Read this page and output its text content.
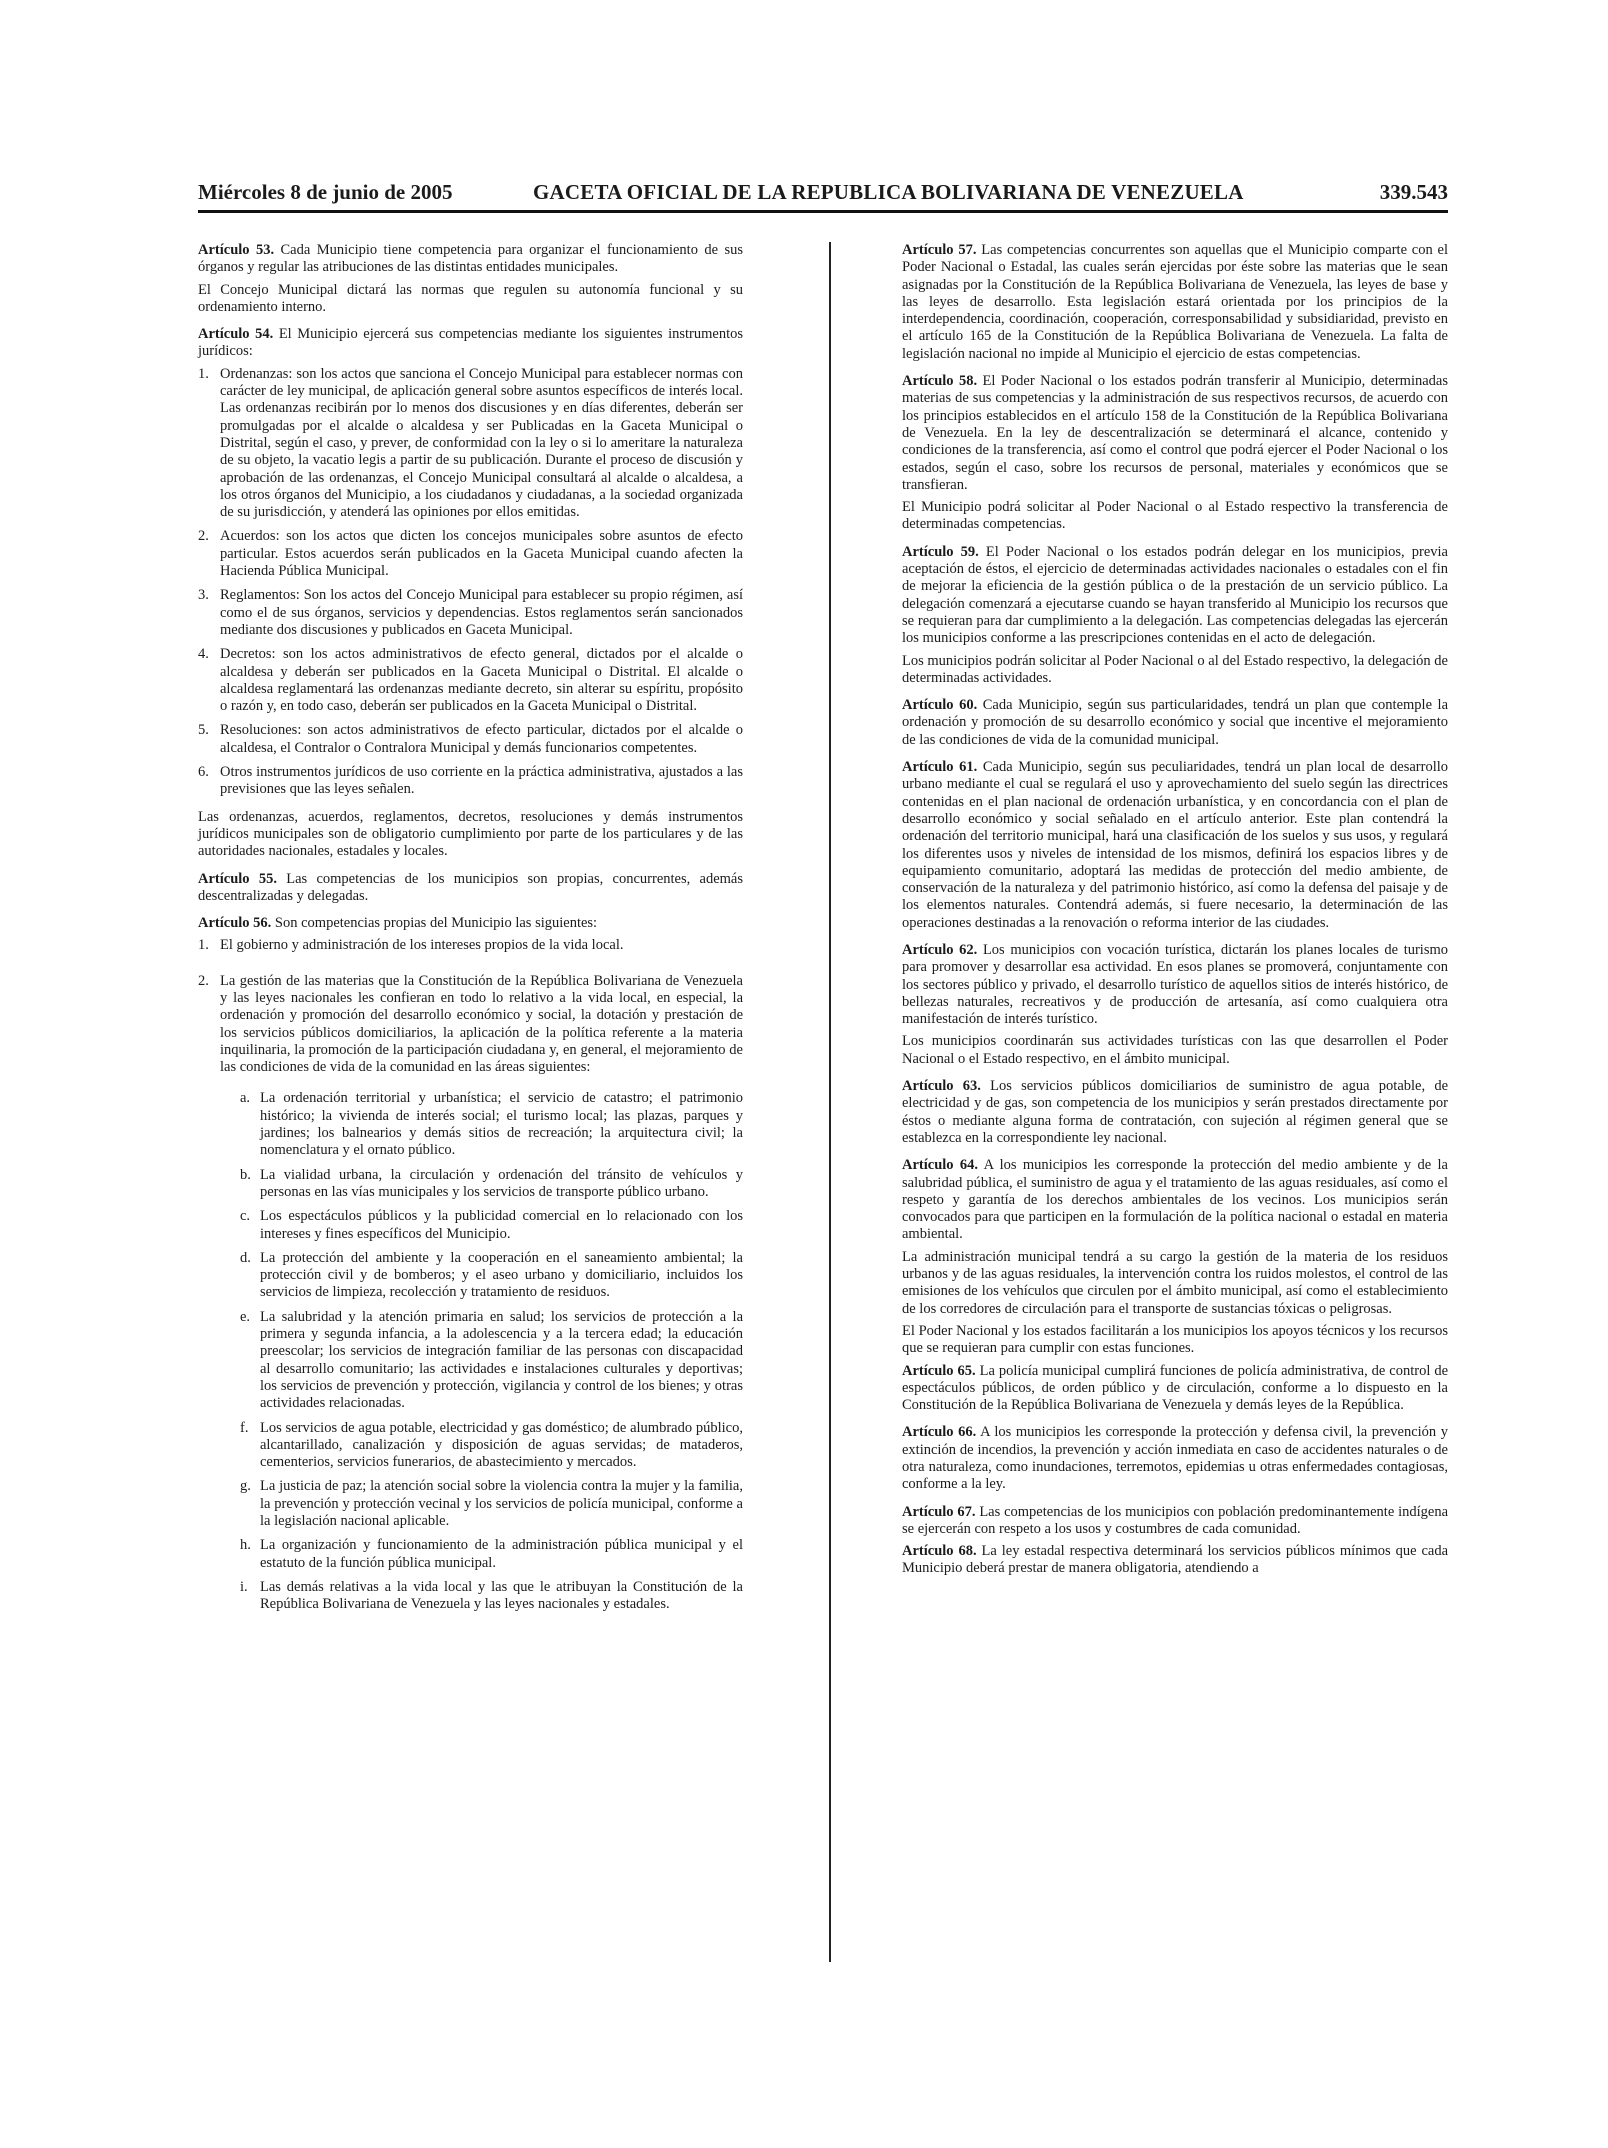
Miércoles 8 de junio de 2005	GACETA OFICIAL DE LA REPUBLICA BOLIVARIANA DE VENEZUELA	339.543

Artículo 53. Cada Municipio tiene competencia para organizar el funcionamiento de sus órganos y regular las atribuciones de las distintas entidades municipales.

El Concejo Municipal dictará las normas que regulen su autonomía funcional y su ordenamiento interno.

Artículo 54. El Municipio ejercerá sus competencias mediante los siguientes instrumentos jurídicos:

1. Ordenanzas: son los actos que sanciona el Concejo Municipal para establecer normas con carácter de ley municipal, de aplicación general sobre asuntos específicos de interés local. Las ordenanzas recibirán por lo menos dos discusiones y en días diferentes, deberán ser promulgadas por el alcalde o alcaldesa y ser Publicadas en la Gaceta Municipal o Distrital, según el caso, y prever, de conformidad con la ley o si lo ameritare la naturaleza de su objeto, la vacatio legis a partir de su publicación. Durante el proceso de discusión y aprobación de las ordenanzas, el Concejo Municipal consultará al alcalde o alcaldesa, a los otros órganos del Municipio, a los ciudadanos y ciudadanas, a la sociedad organizada de su jurisdicción, y atenderá las opiniones por ellos emitidas.
2. Acuerdos: son los actos que dicten los concejos municipales sobre asuntos de efecto particular. Estos acuerdos serán publicados en la Gaceta Municipal cuando afecten la Hacienda Pública Municipal.
3. Reglamentos: Son los actos del Concejo Municipal para establecer su propio régimen, así como el de sus órganos, servicios y dependencias. Estos reglamentos serán sancionados mediante dos discusiones y publicados en Gaceta Municipal.
4. Decretos: son los actos administrativos de efecto general, dictados por el alcalde o alcaldesa y deberán ser publicados en la Gaceta Municipal o Distrital. El alcalde o alcaldesa reglamentará las ordenanzas mediante decreto, sin alterar su espíritu, propósito o razón y, en todo caso, deberán ser publicados en la Gaceta Municipal o Distrital.
5. Resoluciones: son actos administrativos de efecto particular, dictados por el alcalde o alcaldesa, el Contralor o Contralora Municipal y demás funcionarios competentes.
6. Otros instrumentos jurídicos de uso corriente en la práctica administrativa, ajustados a las previsiones que las leyes señalen.

Las ordenanzas, acuerdos, reglamentos, decretos, resoluciones y demás instrumentos jurídicos municipales son de obligatorio cumplimiento por parte de los particulares y de las autoridades nacionales, estadales y locales.

Artículo 55. Las competencias de los municipios son propias, concurrentes, además descentralizadas y delegadas.

Artículo 56. Son competencias propias del Municipio las siguientes:

1. El gobierno y administración de los intereses propios de la vida local.
2. La gestión de las materias que la Constitución de la República Bolivariana de Venezuela y las leyes nacionales les confieran en todo lo relativo a la vida local, en especial, la ordenación y promoción del desarrollo económico y social, la dotación y prestación de los servicios públicos domiciliarios, la aplicación de la política referente a la materia inquilinaria, la promoción de la participación ciudadana y, en general, el mejoramiento de las condiciones de vida de la comunidad en las áreas siguientes:
a. La ordenación territorial y urbanística; el servicio de catastro; el patrimonio histórico; la vivienda de interés social; el turismo local; las plazas, parques y jardines; los balnearios y demás sitios de recreación; la arquitectura civil; la nomenclatura y el ornato público.
b. La vialidad urbana, la circulación y ordenación del tránsito de vehículos y personas en las vías municipales y los servicios de transporte público urbano.
c. Los espectáculos públicos y la publicidad comercial en lo relacionado con los intereses y fines específicos del Municipio.
d. La protección del ambiente y la cooperación en el saneamiento ambiental; la protección civil y de bomberos; y el aseo urbano y domiciliario, incluidos los servicios de limpieza, recolección y tratamiento de residuos.
e. La salubridad y la atención primaria en salud; los servicios de protección a la primera y segunda infancia, a la adolescencia y a la tercera edad; la educación preescolar; los servicios de integración familiar de las personas con discapacidad al desarrollo comunitario; las actividades e instalaciones culturales y deportivas; los servicios de prevención y protección, vigilancia y control de los bienes; y otras actividades relacionadas.
f. Los servicios de agua potable, electricidad y gas doméstico; de alumbrado público, alcantarillado, canalización y disposición de aguas servidas; de mataderos, cementerios, servicios funerarios, de abastecimiento y mercados.
g. La justicia de paz; la atención social sobre la violencia contra la mujer y la familia, la prevención y protección vecinal y los servicios de policía municipal, conforme a la legislación nacional aplicable.
h. La organización y funcionamiento de la administración pública municipal y el estatuto de la función pública municipal.
i. Las demás relativas a la vida local y las que le atribuyan la Constitución de la República Bolivariana de Venezuela y las leyes nacionales y estadales.

Artículo 57. Las competencias concurrentes son aquellas que el Municipio comparte con el Poder Nacional o Estadal, las cuales serán ejercidas por éste sobre las materias que le sean asignadas por la Constitución de la República Bolivariana de Venezuela, las leyes de base y las leyes de desarrollo. Esta legislación estará orientada por los principios de la interdependencia, coordinación, cooperación, corresponsabilidad y subsidiaridad, previsto en el artículo 165 de la Constitución de la República Bolivariana de Venezuela. La falta de legislación nacional no impide al Municipio el ejercicio de estas competencias.

Artículo 58. El Poder Nacional o los estados podrán transferir al Municipio, determinadas materias de sus competencias y la administración de sus respectivos recursos, de acuerdo con los principios establecidos en el artículo 158 de la Constitución de la República Bolivariana de Venezuela. En la ley de descentralización se determinará el alcance, contenido y condiciones de la transferencia, así como el control que podrá ejercer el Poder Nacional o los estados, según el caso, sobre los recursos de personal, materiales y económicos que se transfieran.

El Municipio podrá solicitar al Poder Nacional o al Estado respectivo la transferencia de determinadas competencias.

Artículo 59. El Poder Nacional o los estados podrán delegar en los municipios, previa aceptación de éstos, el ejercicio de determinadas actividades nacionales o estadales con el fin de mejorar la eficiencia de la gestión pública o de la prestación de un servicio público. La delegación comenzará a ejecutarse cuando se hayan transferido al Municipio los recursos que se requieran para dar cumplimiento a la delegación. Las competencias delegadas las ejercerán los municipios conforme a las prescripciones contenidas en el acto de delegación.

Los municipios podrán solicitar al Poder Nacional o al del Estado respectivo, la delegación de determinadas actividades.

Artículo 60. Cada Municipio, según sus particularidades, tendrá un plan que contemple la ordenación y promoción de su desarrollo económico y social que incentive el mejoramiento de las condiciones de vida de la comunidad municipal.

Artículo 61. Cada Municipio, según sus peculiaridades, tendrá un plan local de desarrollo urbano mediante el cual se regulará el uso y aprovechamiento del suelo según las directrices contenidas en el plan nacional de ordenación urbanística, y en concordancia con el plan de desarrollo económico y social señalado en el artículo anterior. Este plan contendrá la ordenación del territorio municipal, hará una clasificación de los suelos y sus usos, y regulará los diferentes usos y niveles de intensidad de los mismos, definirá los espacios libres y de equipamiento comunitario, adoptará las medidas de protección del medio ambiente, de conservación de la naturaleza y del patrimonio histórico, así como la defensa del paisaje y de los elementos naturales. Contendrá además, si fuere necesario, la determinación de las operaciones destinadas a la renovación o reforma interior de las ciudades.

Artículo 62. Los municipios con vocación turística, dictarán los planes locales de turismo para promover y desarrollar esa actividad. En esos planes se promoverá, conjuntamente con los sectores público y privado, el desarrollo turístico de aquellos sitios de interés histórico, de bellezas naturales, recreativos y de producción de artesanía, así como cualquiera otra manifestación de interés turístico.

Los municipios coordinarán sus actividades turísticas con las que desarrollen el Poder Nacional o el Estado respectivo, en el ámbito municipal.

Artículo 63. Los servicios públicos domiciliarios de suministro de agua potable, de electricidad y de gas, son competencia de los municipios y serán prestados directamente por éstos o mediante alguna forma de contratación, con sujeción al régimen general que se establezca en la correspondiente ley nacional.

Artículo 64. A los municipios les corresponde la protección del medio ambiente y de la salubridad pública, el suministro de agua y el tratamiento de las aguas residuales, así como el respeto y garantía de los derechos ambientales de los vecinos. Los municipios serán convocados para que participen en la formulación de la política nacional o estadal en materia ambiental.

La administración municipal tendrá a su cargo la gestión de la materia de los residuos urbanos y de las aguas residuales, la intervención contra los ruidos molestos, el control de las emisiones de los vehículos que circulen por el ámbito municipal, así como el establecimiento de los corredores de circulación para el transporte de sustancias tóxicas o peligrosas.

El Poder Nacional y los estados facilitarán a los municipios los apoyos técnicos y los recursos que se requieran para cumplir con estas funciones.

Artículo 65. La policía municipal cumplirá funciones de policía administrativa, de control de espectáculos públicos, de orden público y de circulación, conforme a lo dispuesto en la Constitución de la República Bolivariana de Venezuela y demás leyes de la República.

Artículo 66. A los municipios les corresponde la protección y defensa civil, la prevención y extinción de incendios, la prevención y acción inmediata en caso de accidentes naturales o de otra naturaleza, como inundaciones, terremotos, epidemias u otras enfermedades contagiosas, conforme a la ley.

Artículo 67. Las competencias de los municipios con población predominantemente indígena se ejercerán con respeto a los usos y costumbres de cada comunidad.

Artículo 68. La ley estadal respectiva determinará los servicios públicos mínimos que cada Municipio deberá prestar de manera obligatoria, atendiendo a
